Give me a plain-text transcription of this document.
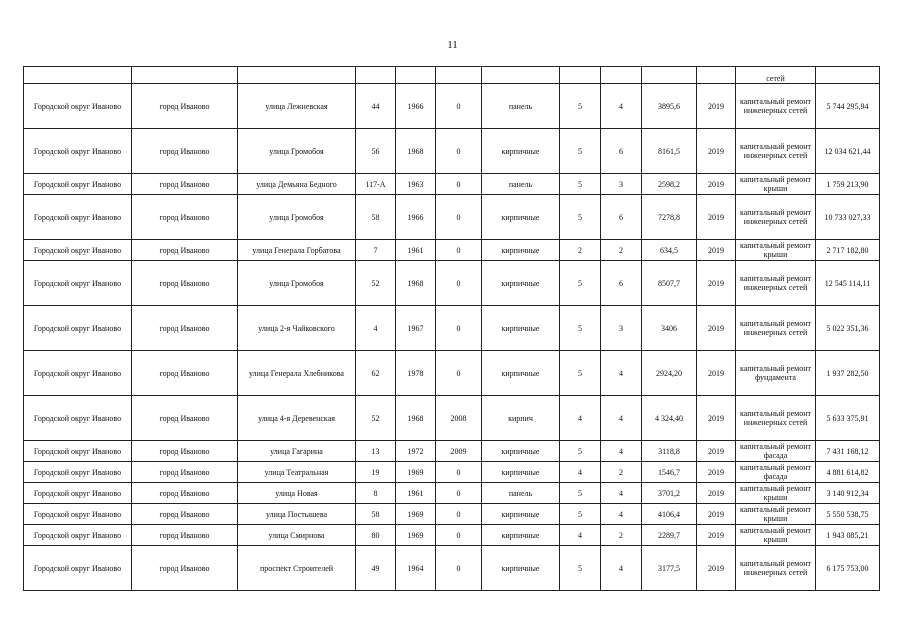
11
											сетей	
Городской округ Иваново	город Иваново	улица Лежневская	44	1966	0	панель	5	4	3895,6	2019	капитальный ремонт инженерных сетей	5 744 295,94
Городской округ Иваново	город Иваново	улица Громобоя	56	1968	0	кирпичные	5	6	8161,5	2019	капитальный ремонт инженерных сетей	12 034 621,44
Городской округ Иваново	город Иваново	улица Демьяна Бедного	117-А	1963	0	панель	5	3	2598,2	2019	капитальный ремонт крыши	1 759 213,90
Городской округ Иваново	город Иваново	улица Громобоя	58	1966	0	кирпичные	5	6	7278,8	2019	капитальный ремонт инженерных сетей	10 733 027,33
Городской округ Иваново	город Иваново	улица Генерала Горбатова	7	1961	0	кирпичные	2	2	634,5	2019	капитальный ремонт крыши	2 717 182,80
Городской округ Иваново	город Иваново	улица Громобоя	52	1968	0	кирпичные	5	6	8507,7	2019	капитальный ремонт инженерных сетей	12 545 114,11
Городской округ Иваново	город Иваново	улица 2-я Чайковского	4	1967	0	кирпичные	5	3	3406	2019	капитальный ремонт инженерных сетей	5 022 351,36
Городской округ Иваново	город Иваново	улица Генерала Хлебникова	62	1978	0	кирпичные	5	4	2924,20	2019	капитальный ремонт фундамента	1 937 282,50
Городской округ Иваново	город Иваново	улица 4-я Деревенская	52	1968	2008	кирпич	4	4	4 324,40	2019	капитальный ремонт инженерных сетей	5 633 375,91
Городской округ Иваново	город Иваново	улица Гагарина	13	1972	2009	кирпичные	5	4	3118,8	2019	капитальный ремонт фасада	7 431 168,12
Городской округ Иваново	город Иваново	улица Театральная	19	1969	0	кирпичные	4	2	1546,7	2019	капитальный ремонт фасада	4 881 614,82
Городской округ Иваново	город Иваново	улица Новая	8	1961	0	панель	5	4	3701,2	2019	капитальный ремонт крыши	3 140 912,34
Городской округ Иваново	город Иваново	улица Постышева	58	1969	0	кирпичные	5	4	4106,4	2019	капитальный ремонт крыши	5 550 538,75
Городской округ Иваново	город Иваново	улица Смирнова	80	1969	0	кирпичные	4	2	2289,7	2019	капитальный ремонт крыши	1 943 085,21
Городской округ Иваново	город Иваново	проспект Строителей	49	1964	0	кирпичные	5	4	3177,5	2019	капитальный ремонт инженерных сетей	6 175 753,00
